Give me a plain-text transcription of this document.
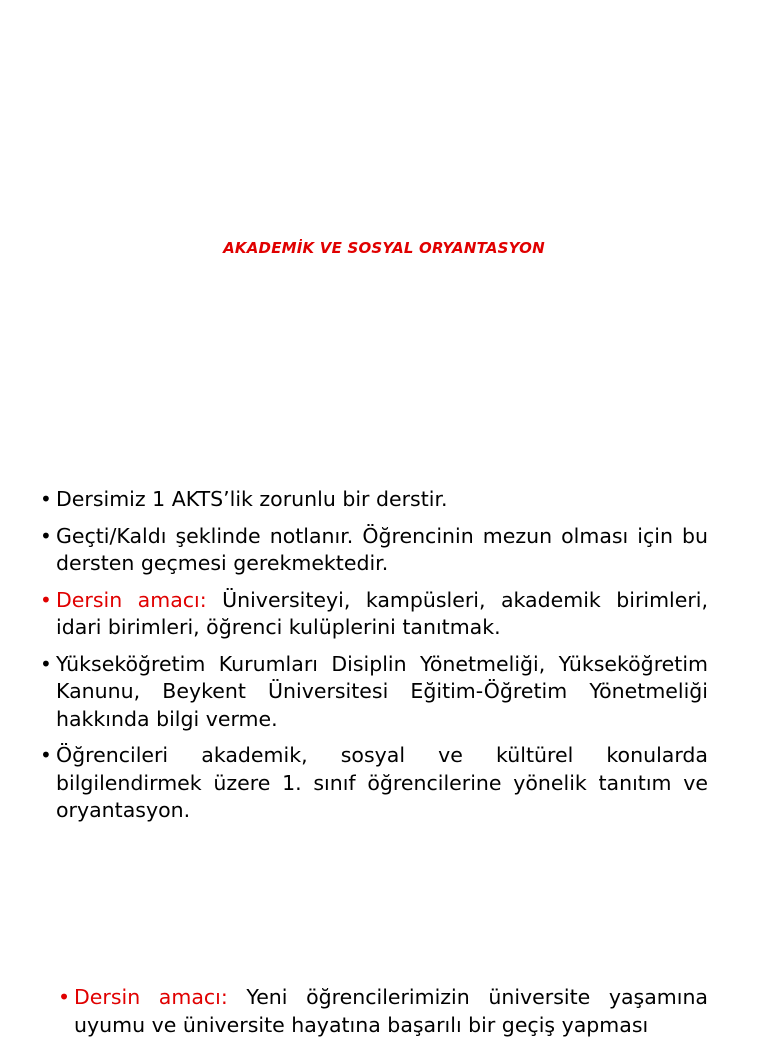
AKADEMİK VE SOSYAL ORYANTASYON
• Dersimiz 1 AKTS’lik zorunlu bir derstir.
• Geçti/Kaldı şeklinde notlanır. Öğrencinin mezun olması için bu dersten geçmesi gerekmektedir.
• Dersin amacı: Üniversiteyi, kampüsleri, akademik birimleri, idari birimleri, öğrenci kulüplerini tanıtmak.
• Yükseköğretim Kurumları Disiplin Yönetmeliği, Yükseköğretim Kanunu, Beykent Üniversitesi Eğitim-Öğretim Yönetmeliği hakkında bilgi verme.
• Öğrencileri akademik, sosyal ve kültürel konularda bilgilendirmek üzere 1. sınıf öğrencilerine yönelik tanıtım ve oryantasyon.
• Dersin amacı: Yeni öğrencilerimizin üniversite yaşamına uyumu ve üniversite hayatına başarılı bir geçiş yapması
